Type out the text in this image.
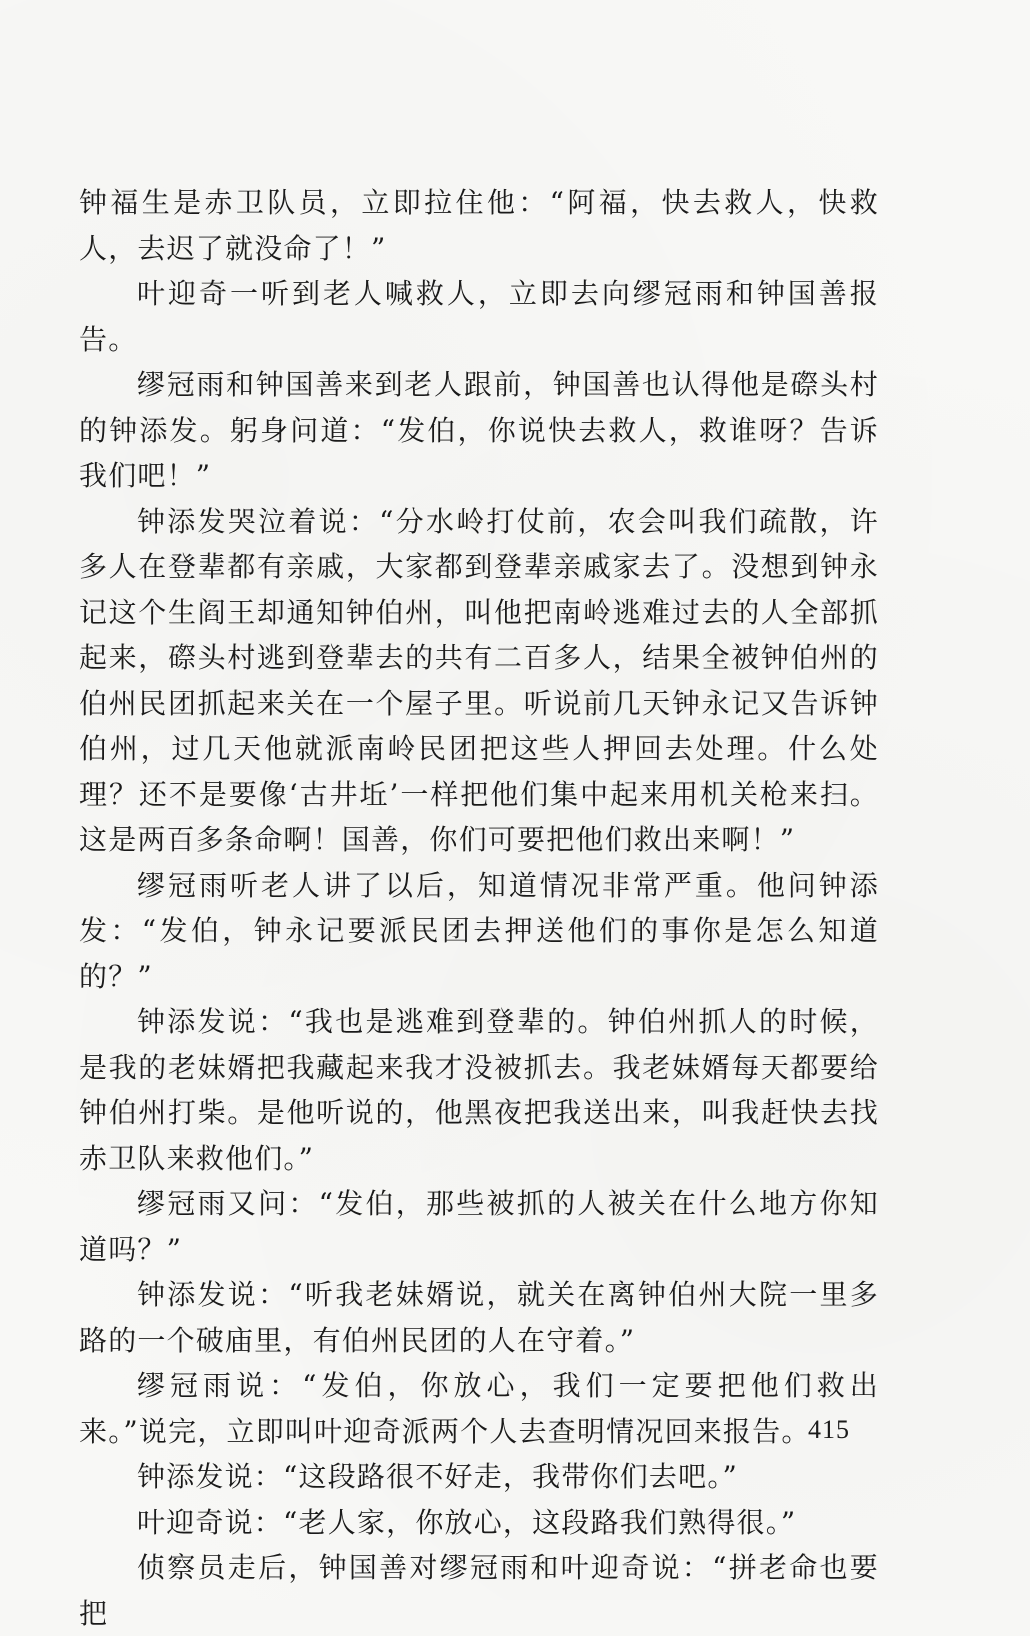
钟福生是赤卫队员，立即拉住他：“阿福，快去救人，快救人，去迟了就没命了！”

叶迎奇一听到老人喊救人，立即去向缪冠雨和钟国善报告。

缪冠雨和钟国善来到老人跟前，钟国善也认得他是磜头村的钟添发。躬身问道：“发伯，你说快去救人，救谁呀？告诉我们吧！”

钟添发哭泣着说：“分水岭打仗前，农会叫我们疏散，许多人在登辈都有亲戚，大家都到登辈亲戚家去了。没想到钟永记这个生阎王却通知钟伯州，叫他把南岭逃难过去的人全部抓起来，磜头村逃到登辈去的共有二百多人，结果全被钟伯州的伯州民团抓起来关在一个屋子里。听说前几天钟永记又告诉钟伯州，过几天他就派南岭民团把这些人押回去处理。什么处理？还不是要像‘古井坵’一样把他们集中起来用机关枪来扫。这是两百多条命啊！国善，你们可要把他们救出来啊！”

缪冠雨听老人讲了以后，知道情况非常严重。他问钟添发：“发伯，钟永记要派民团去押送他们的事你是怎么知道的？”

钟添发说：“我也是逃难到登辈的。钟伯州抓人的时候，是我的老妹婿把我藏起来我才没被抓去。我老妹婿每天都要给钟伯州打柴。是他听说的，他黑夜把我送出来，叫我赶快去找赤卫队来救他们。”

缪冠雨又问：“发伯，那些被抓的人被关在什么地方你知道吗？”

钟添发说：“听我老妹婿说，就关在离钟伯州大院一里多路的一个破庙里，有伯州民团的人在守着。”

缪冠雨说：“发伯，你放心，我们一定要把他们救出来。”说完，立即叫叶迎奇派两个人去查明情况回来报告。

钟添发说：“这段路很不好走，我带你们去吧。”

叶迎奇说：“老人家，你放心，这段路我们熟得很。”

侦察员走后，钟国善对缪冠雨和叶迎奇说：“拼老命也要把

415
